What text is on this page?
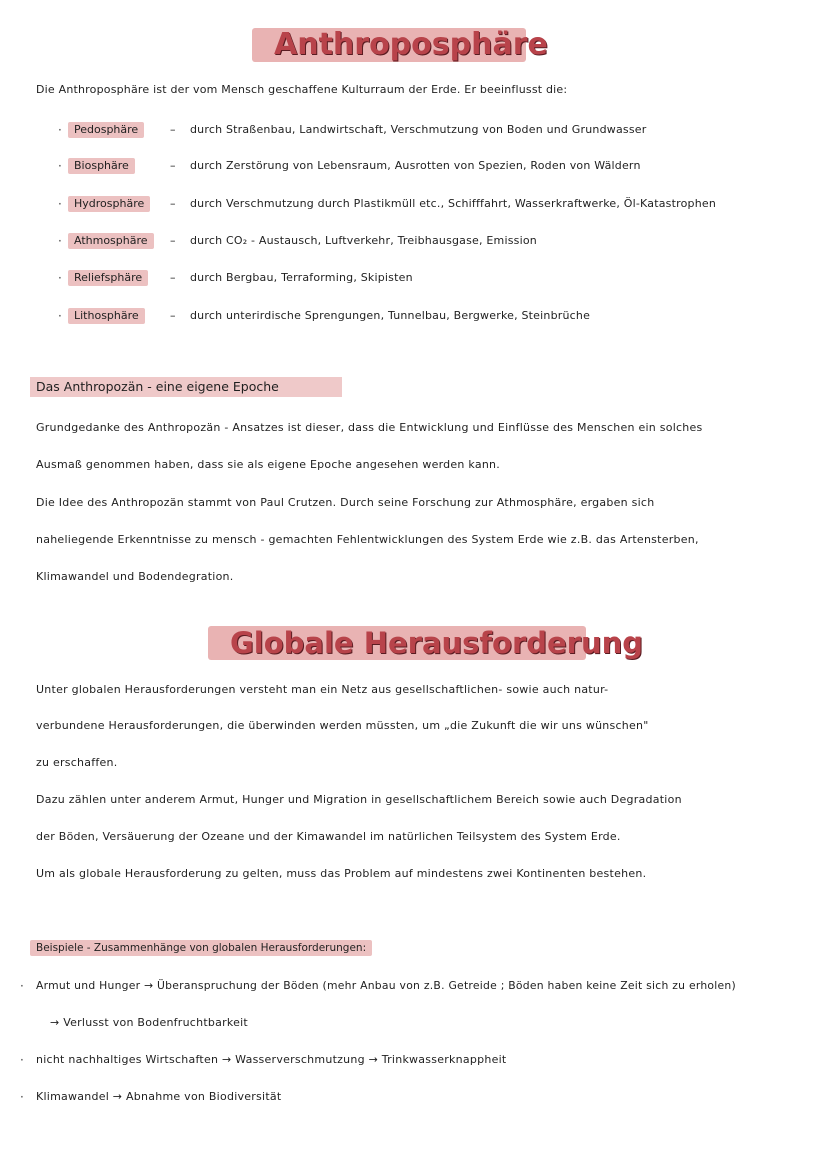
Anthroposphäre
Die Anthroposphäre ist der vom Mensch geschaffene Kulturraum der Erde. Er beeinflusst die:
·	Pedosphäre	– durch Straßenbau, Landwirtschaft, Verschmutzung von Boden und Grundwasser
·	Biosphäre	– durch Zerstörung von Lebensraum, Ausrotten von Spezien, Roden von Wäldern
·	Hydrosphäre	– durch Verschmutzung durch Plastikmüll etc., Schifffahrt, Wasserkraftwerke, Öl-Katastrophen
·	Athmosphäre	– durch CO₂ - Austausch, Luftverkehr, Treibhausgase, Emission
·	Reliefsphäre	– durch Bergbau, Terraforming, Skipisten
·	Lithosphäre	– durch unterirdische Sprengungen, Tunnelbau, Bergwerke, Steinbrüche
Das Anthropozän - eine eigene Epoche
Grundgedanke des Anthropozän - Ansatzes ist dieser, dass die Entwicklung und Einflüsse des Menschen ein solches
Ausmaß genommen haben, dass sie als eigene Epoche angesehen werden kann.
Die Idee des Anthropozän stammt von Paul Crutzen. Durch seine Forschung zur Athmosphäre, ergaben sich
naheliegende Erkenntnisse zu mensch - gemachten Fehlentwicklungen des System Erde wie z.B. das Artensterben,
Klimawandel und Bodendegration.
Globale Herausforderung
Unter globalen Herausforderungen versteht man ein Netz aus gesellschaftlichen- sowie auch natur-
verbundene Herausforderungen, die überwinden werden müssten, um „die Zukunft die wir uns wünschen"
zu erschaffen.
Dazu zählen unter anderem Armut, Hunger und Migration in gesellschaftlichem Bereich sowie auch Degradation
der Böden, Versäuerung der Ozeane und der Kimawandel im natürlichen Teilsystem des System Erde.
Um als globale Herausforderung zu gelten, muss das Problem auf mindestens zwei Kontinenten bestehen.
Beispiele - Zusammenhänge von globalen Herausforderungen:
· Armut und Hunger → Überanspruchung der Böden (mehr Anbau von z.B. Getreide ; Böden haben keine Zeit sich zu erholen)
→ Verlusst von Bodenfruchtbarkeit
· nicht nachhaltiges Wirtschaften → Wasserverschmutzung → Trinkwasserknappheit
· Klimawandel → Abnahme von Biodiversität
